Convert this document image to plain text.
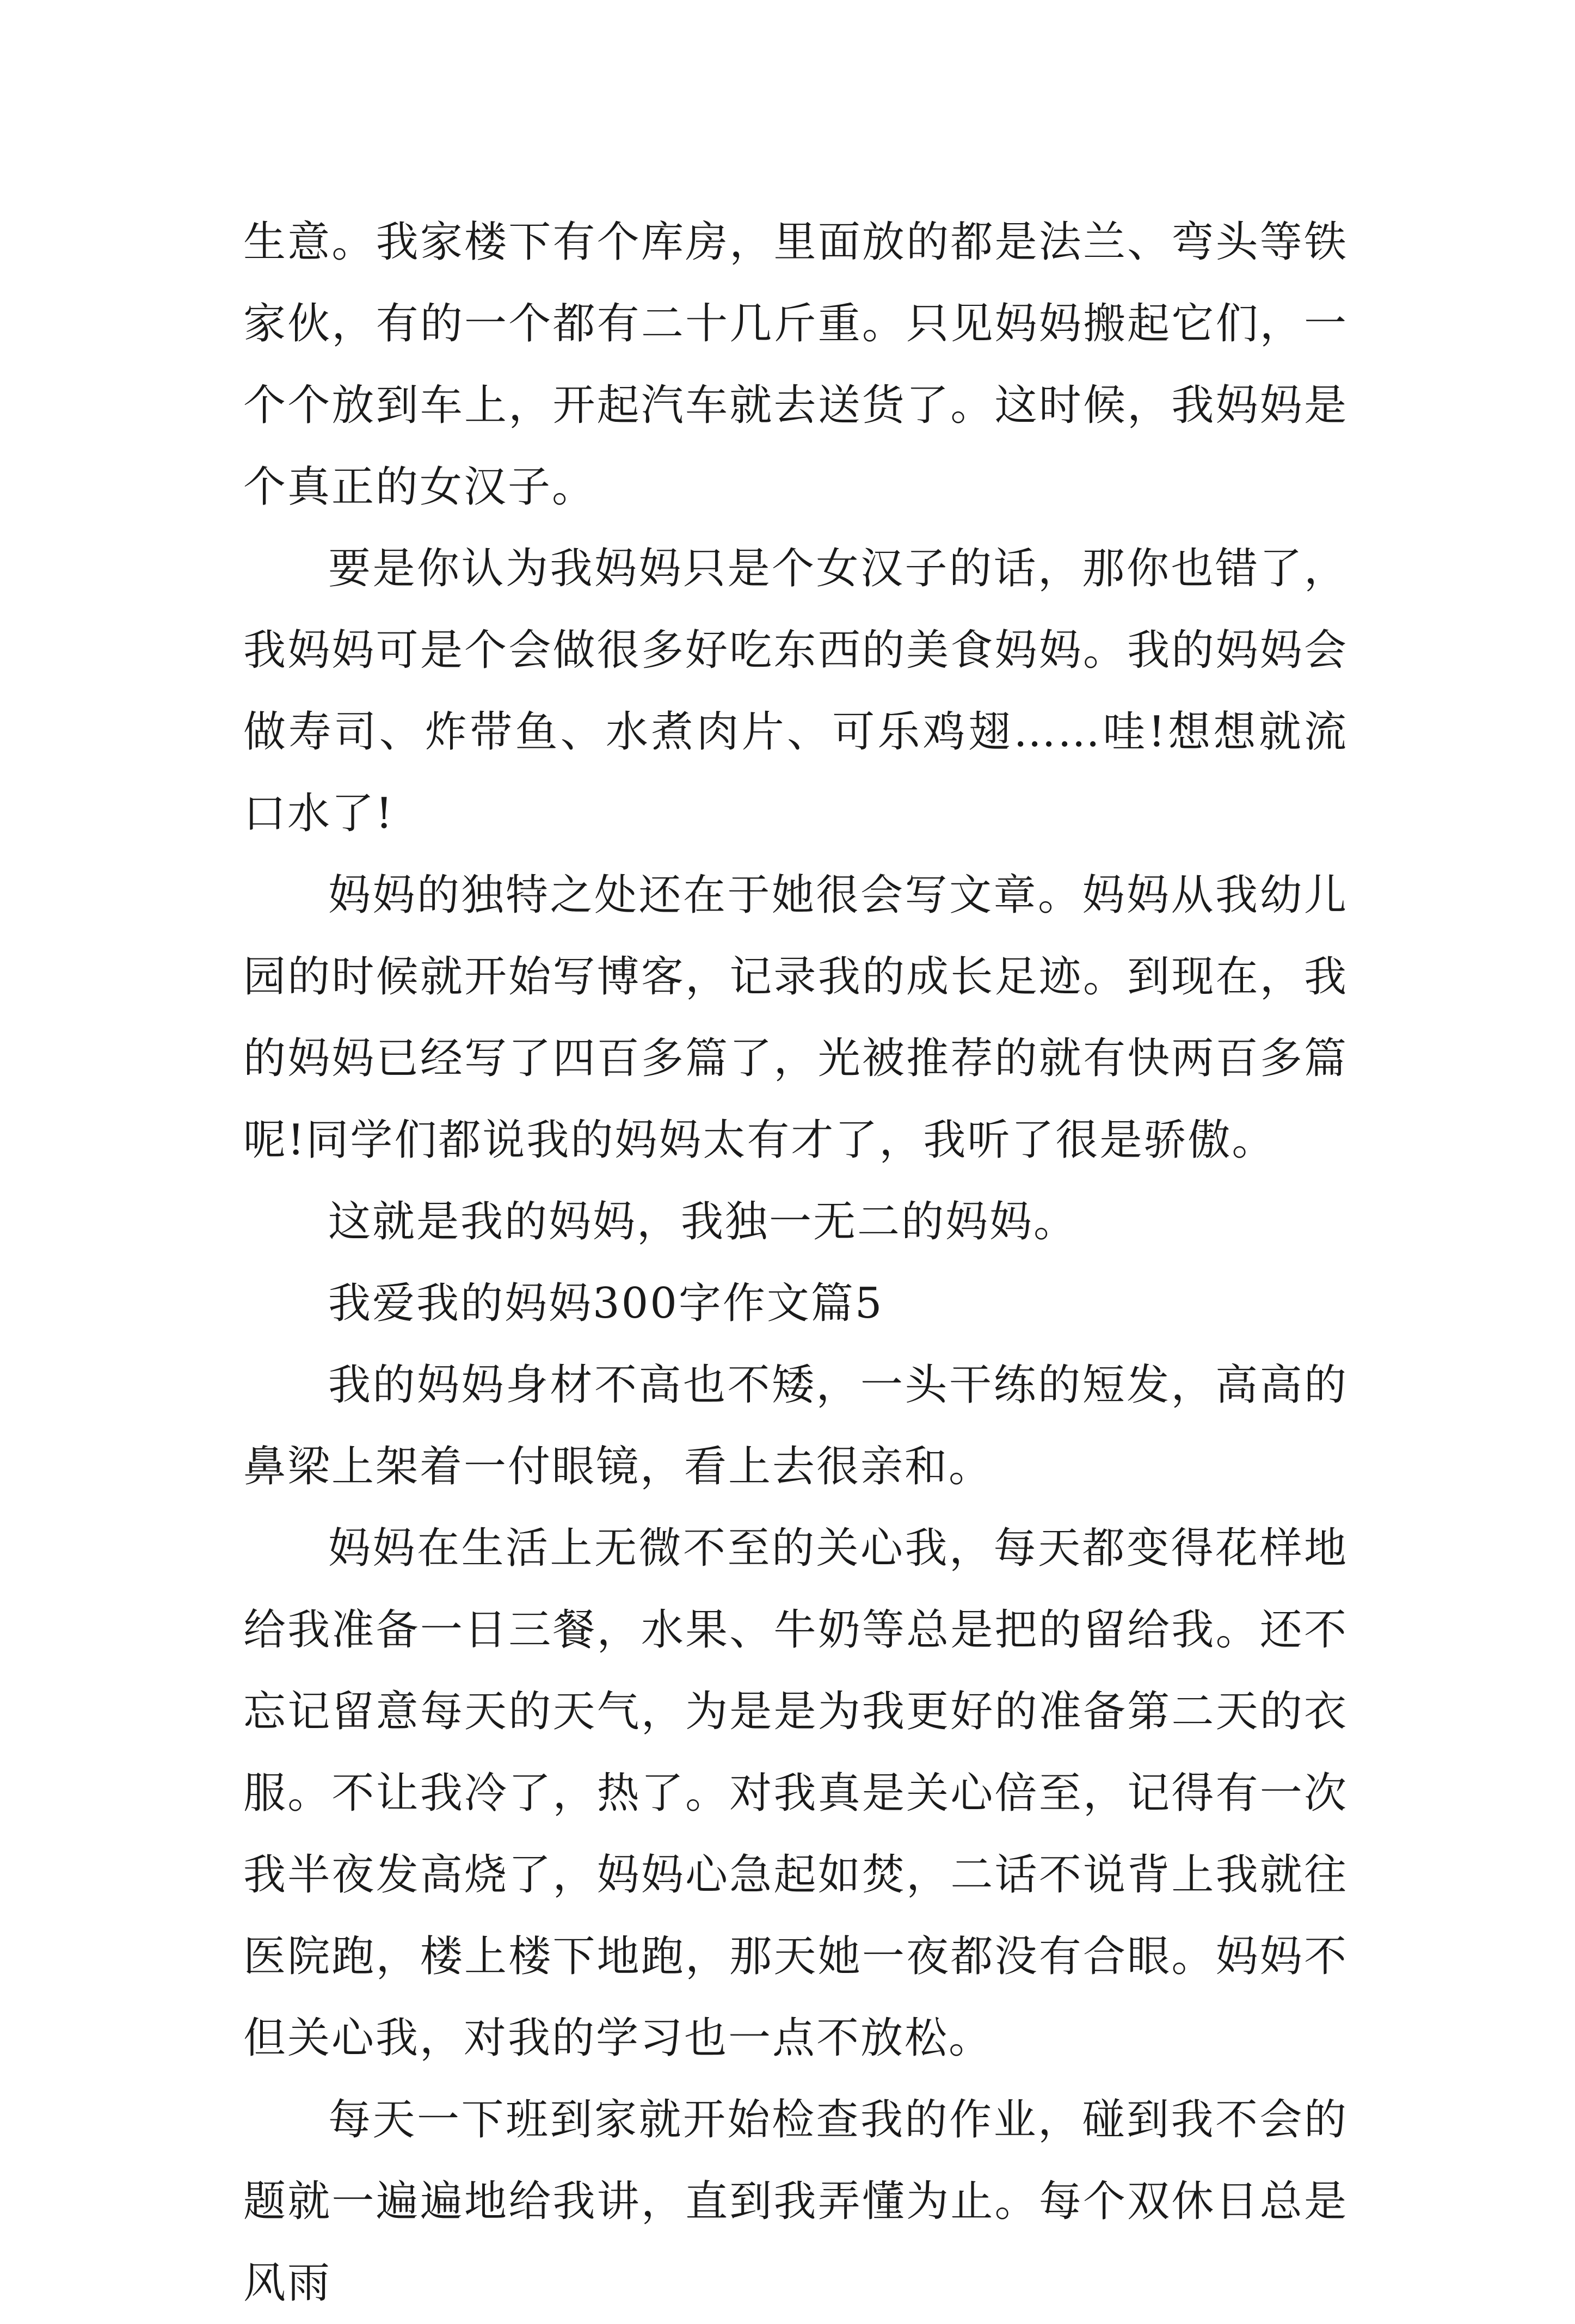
生意。我家楼下有个库房，里面放的都是法兰、弯头等铁家伙，有的一个都有二十几斤重。只见妈妈搬起它们，一个个放到车上，开起汽车就去送货了。这时候，我妈妈是个真正的女汉子。

要是你认为我妈妈只是个女汉子的话，那你也错了，我妈妈可是个会做很多好吃东西的美食妈妈。我的妈妈会做寿司、炸带鱼、水煮肉片、可乐鸡翅……哇!想想就流口水了!

妈妈的独特之处还在于她很会写文章。妈妈从我幼儿园的时候就开始写博客，记录我的成长足迹。到现在，我的妈妈已经写了四百多篇了，光被推荐的就有快两百多篇呢!同学们都说我的妈妈太有才了，我听了很是骄傲。

这就是我的妈妈，我独一无二的妈妈。

我爱我的妈妈300字作文篇5

我的妈妈身材不高也不矮，一头干练的短发，高高的鼻梁上架着一付眼镜，看上去很亲和。

妈妈在生活上无微不至的关心我，每天都变得花样地给我准备一日三餐，水果、牛奶等总是把的留给我。还不忘记留意每天的天气，为是是为我更好的准备第二天的衣服。不让我冷了，热了。对我真是关心倍至，记得有一次我半夜发高烧了，妈妈心急起如焚，二话不说背上我就往医院跑，楼上楼下地跑，那天她一夜都没有合眼。妈妈不但关心我，对我的学习也一点不放松。

每天一下班到家就开始检查我的作业，碰到我不会的题就一遍遍地给我讲，直到我弄懂为止。每个双休日总是风雨
